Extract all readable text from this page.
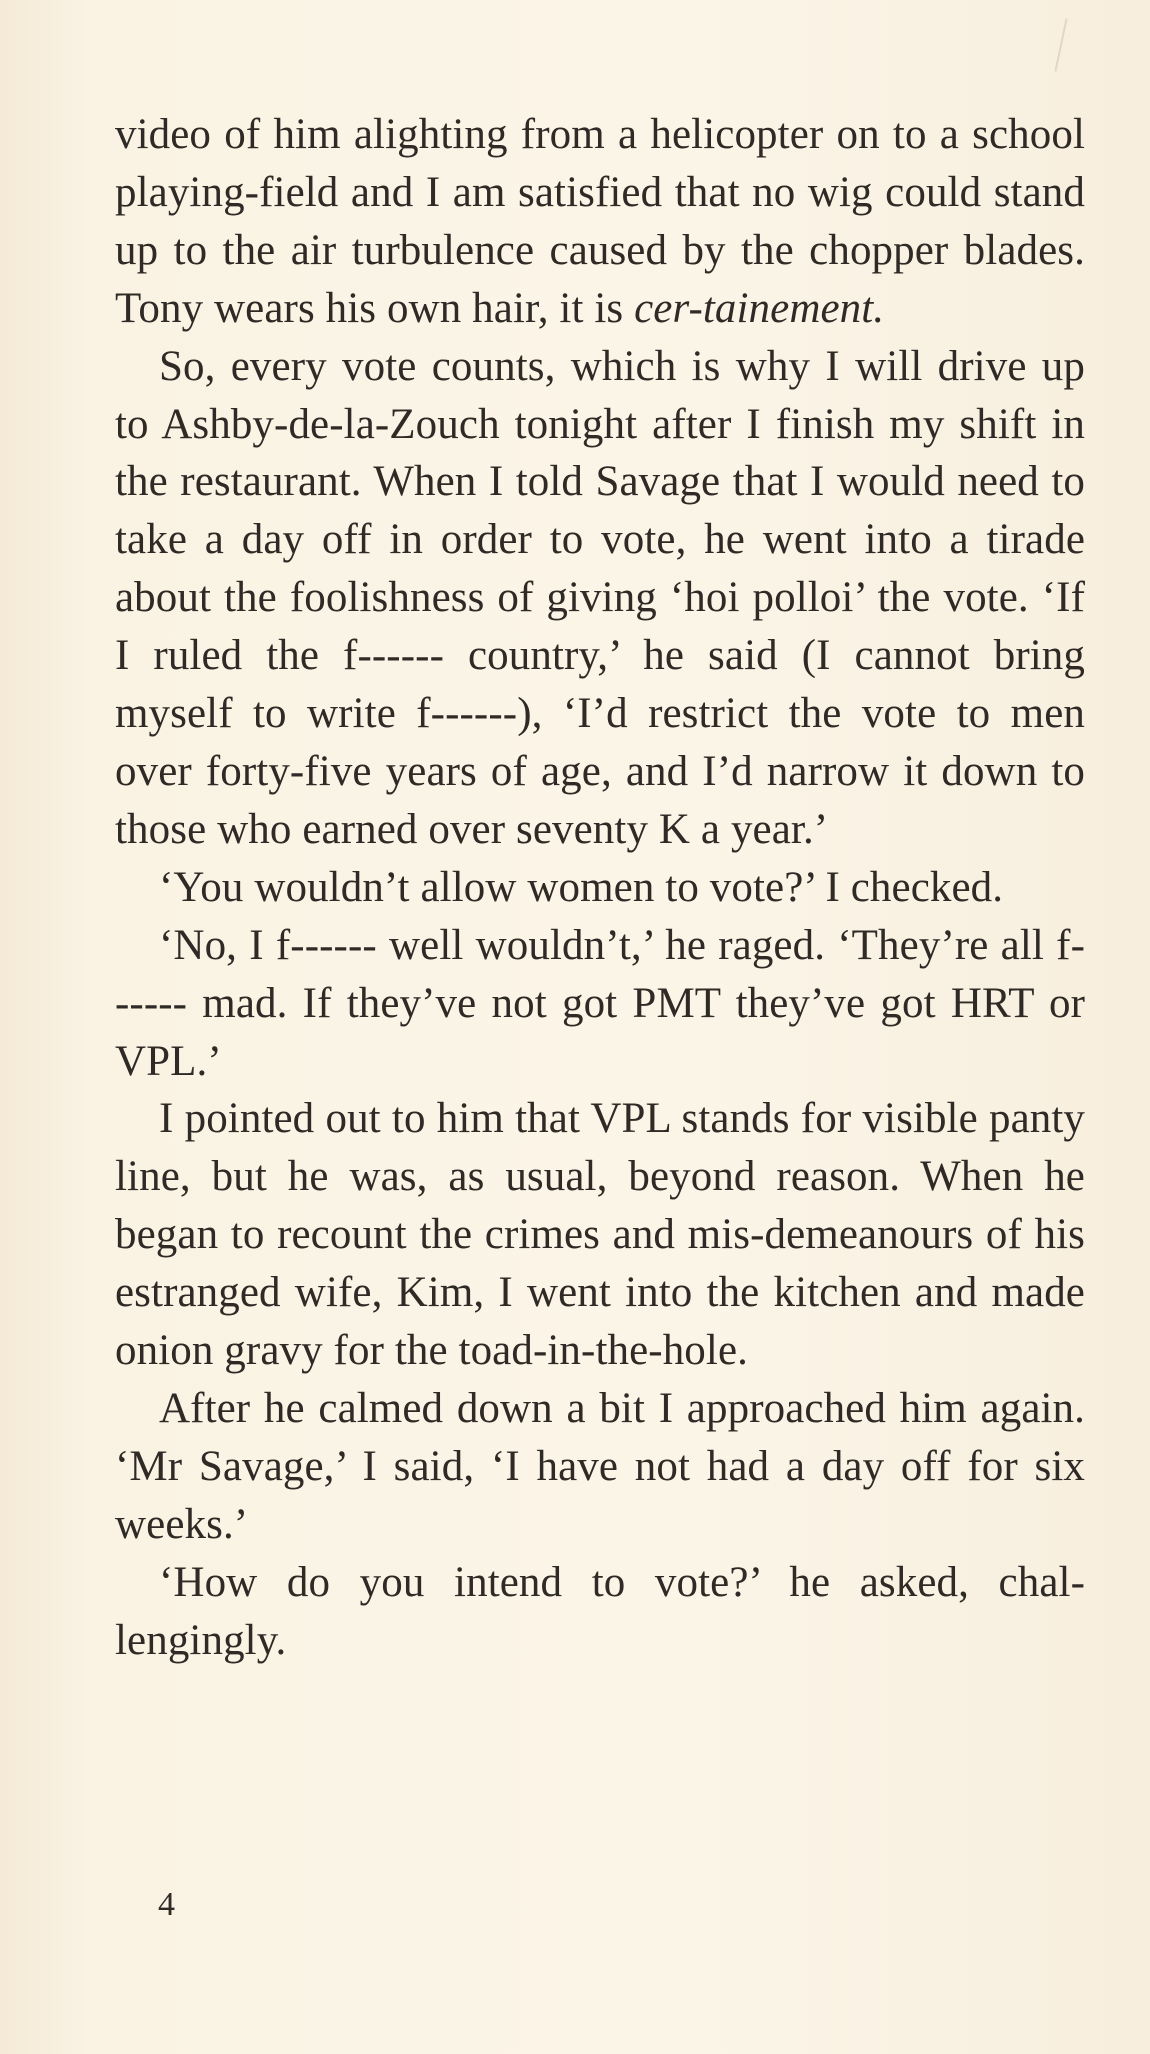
video of him alighting from a helicopter on to a school playing-field and I am satisfied that no wig could stand up to the air turbulence caused by the chopper blades. Tony wears his own hair, it is cer-tainement.

So, every vote counts, which is why I will drive up to Ashby-de-la-Zouch tonight after I finish my shift in the restaurant. When I told Savage that I would need to take a day off in order to vote, he went into a tirade about the foolishness of giving ‘hoi polloi’ the vote. ‘If I ruled the f------ country,’ he said (I cannot bring myself to write f------), ‘I’d restrict the vote to men over forty-five years of age, and I’d narrow it down to those who earned over seventy K a year.’

‘You wouldn’t allow women to vote?’ I checked.

‘No, I f------ well wouldn’t,’ he raged. ‘They’re all f------ mad. If they’ve not got PMT they’ve got HRT or VPL.’

I pointed out to him that VPL stands for visible panty line, but he was, as usual, beyond reason. When he began to recount the crimes and mis-demeanours of his estranged wife, Kim, I went into the kitchen and made onion gravy for the toad-in-the-hole.

After he calmed down a bit I approached him again. ‘Mr Savage,’ I said, ‘I have not had a day off for six weeks.’

‘How do you intend to vote?’ he asked, chal-lengingly.

4
